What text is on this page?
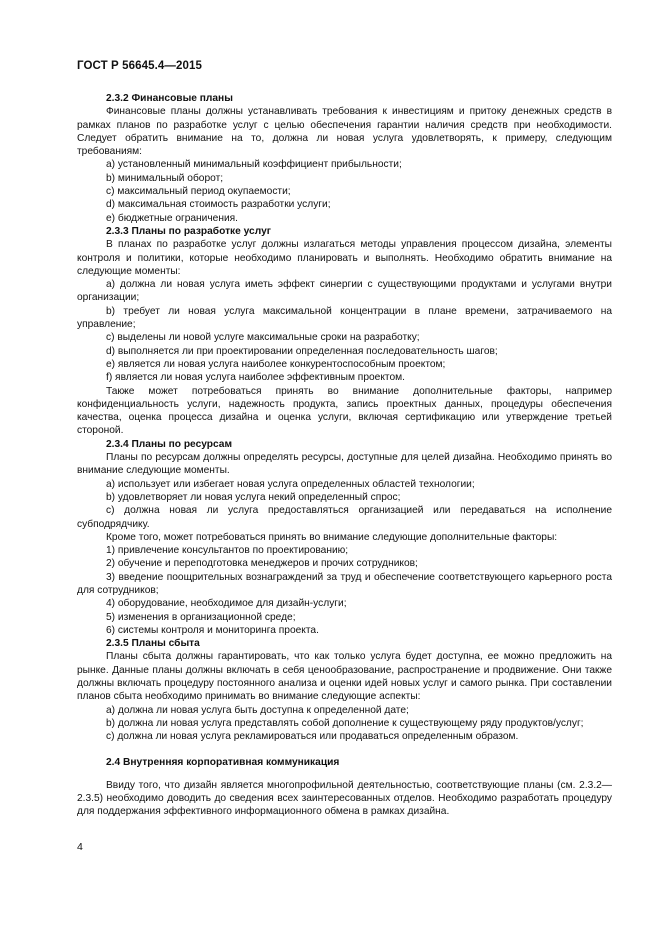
ГОСТ Р 56645.4—2015

2.3.2 Финансовые планы

Финансовые планы должны устанавливать требования к инвестициям и притоку денежных средств в рамках планов по разработке услуг с целью обеспечения гарантии наличия средств при необходимости. Следует обратить внимание на то, должна ли новая услуга удовлетворять, к примеру, следующим требованиям:

a) установленный минимальный коэффициент прибыльности;

b) минимальный оборот;

c) максимальный период окупаемости;

d) максимальная стоимость разработки услуги;

e) бюджетные ограничения.

2.3.3 Планы по разработке услуг

В планах по разработке услуг должны излагаться методы управления процессом дизайна, элементы контроля и политики, которые необходимо планировать и выполнять. Необходимо обратить внимание на следующие моменты:

a) должна ли новая услуга иметь эффект синергии с существующими продуктами и услугами внутри организации;

b) требует ли новая услуга максимальной концентрации в плане времени, затрачиваемого на управление;

c) выделены ли новой услуге максимальные сроки на разработку;

d) выполняется ли при проектировании определенная последовательность шагов;

e) является ли новая услуга наиболее конкурентоспособным проектом;

f) является ли новая услуга наиболее эффективным проектом.

Также может потребоваться принять во внимание дополнительные факторы, например конфиденциальность услуги, надежность продукта, запись проектных данных, процедуры обеспечения качества, оценка процесса дизайна и оценка услуги, включая сертификацию или утверждение третьей стороной.

2.3.4 Планы по ресурсам

Планы по ресурсам должны определять ресурсы, доступные для целей дизайна. Необходимо принять во внимание следующие моменты.

a) использует или избегает новая услуга определенных областей технологии;

b) удовлетворяет ли новая услуга некий определенный спрос;

c) должна новая ли услуга предоставляться организацией или передаваться на исполнение субподрядчику.

Кроме того, может потребоваться принять во внимание следующие дополнительные факторы:

1) привлечение консультантов по проектированию;

2) обучение и переподготовка менеджеров и прочих сотрудников;

3) введение поощрительных вознаграждений за труд и обеспечение соответствующего карьерного роста для сотрудников;

4) оборудование, необходимое для дизайн-услуги;

5) изменения в организационной среде;

6) системы контроля и мониторинга проекта.

2.3.5 Планы сбыта

Планы сбыта должны гарантировать, что как только услуга будет доступна, ее можно предложить на рынке. Данные планы должны включать в себя ценообразование, распространение и продвижение. Они также должны включать процедуру постоянного анализа и оценки идей новых услуг и самого рынка. При составлении планов сбыта необходимо принимать во внимание следующие аспекты:

a) должна ли новая услуга быть доступна к определенной дате;

b) должна ли новая услуга представлять собой дополнение к существующему ряду продуктов/услуг;

c) должна ли новая услуга рекламироваться или продаваться определенным образом.

2.4 Внутренняя корпоративная коммуникация

Ввиду того, что дизайн является многопрофильной деятельностью, соответствующие планы (см. 2.3.2—2.3.5) необходимо доводить до сведения всех заинтересованных отделов. Необходимо разработать процедуру для поддержания эффективного информационного обмена в рамках дизайна.

4
